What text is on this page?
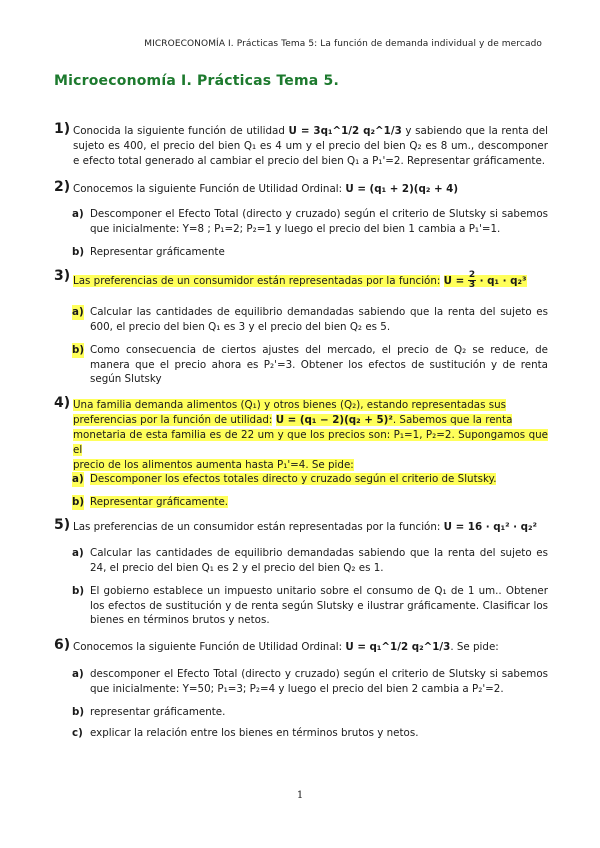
MICROECONOMÍA I. Prácticas Tema 5: La función de demanda individual y de mercado
Microeconomía I. Prácticas Tema 5.
1) Conocida la siguiente función de utilidad U = 3q₁^1/2 q₂^1/3 y sabiendo que la renta del sujeto es 400, el precio del bien Q₁ es 4 um y el precio del bien Q₂ es 8 um., descomponer e efecto total generado al cambiar el precio del bien Q₁ a P₁'=2. Representar gráficamente.
2) Conocemos la siguiente Función de Utilidad Ordinal: U = (q₁ + 2)(q₂ + 4)
a) Descomponer el Efecto Total (directo y cruzado) según el criterio de Slutsky si sabemos que inicialmente: Y=8 ; P₁=2; P₂=1 y luego el precio del bien 1 cambia a P₁'=1.
b) Representar gráficamente
3) Las preferencias de un consumidor están representadas por la función: $U = \frac{2}{3} \cdot q_1 \cdot q_2^3$
a) Calcular las cantidades de equilibrio demandadas sabiendo que la renta del sujeto es 600, el precio del bien Q₁ es 3 y el precio del bien Q₂ es 5.
b) Como consecuencia de ciertos ajustes del mercado, el precio de Q₂ se reduce, de manera que el precio ahora es P₂'=3. Obtener los efectos de sustitución y de renta según Slutsky
4) Una familia demanda alimentos (Q₁) y otros bienes (Q₂), estando representadas sus
preferencias por la función de utilidad: U = (q₁ − 2)(q₂ + 5)². Sabemos que la renta
monetaria de esta familia es de 22 um y que los precios son: P₁=1, P₂=2. Supongamos que el
precio de los alimentos aumenta hasta P₁'=4. Se pide:
a) Descomponer los efectos totales directo y cruzado según el criterio de Slutsky.
b) Representar gráficamente.
5) Las preferencias de un consumidor están representadas por la función: U = 16 · q₁² · q₂²
a) Calcular las cantidades de equilibrio demandadas sabiendo que la renta del sujeto es 24, el precio del bien Q₁ es 2 y el precio del bien Q₂ es 1.
b) El gobierno establece un impuesto unitario sobre el consumo de Q₁ de 1 um.. Obtener los efectos de sustitución y de renta según Slutsky e ilustrar gráficamente. Clasificar los bienes en términos brutos y netos.
6) Conocemos la siguiente Función de Utilidad Ordinal: U = q₁^1/2 q₂^1/3. Se pide:
a) descomponer el Efecto Total (directo y cruzado) según el criterio de Slutsky si sabemos que inicialmente: Y=50; P₁=3; P₂=4 y luego el precio del bien 2 cambia a P₂'=2.
b) representar gráficamente.
c) explicar la relación entre los bienes en términos brutos y netos.
1
